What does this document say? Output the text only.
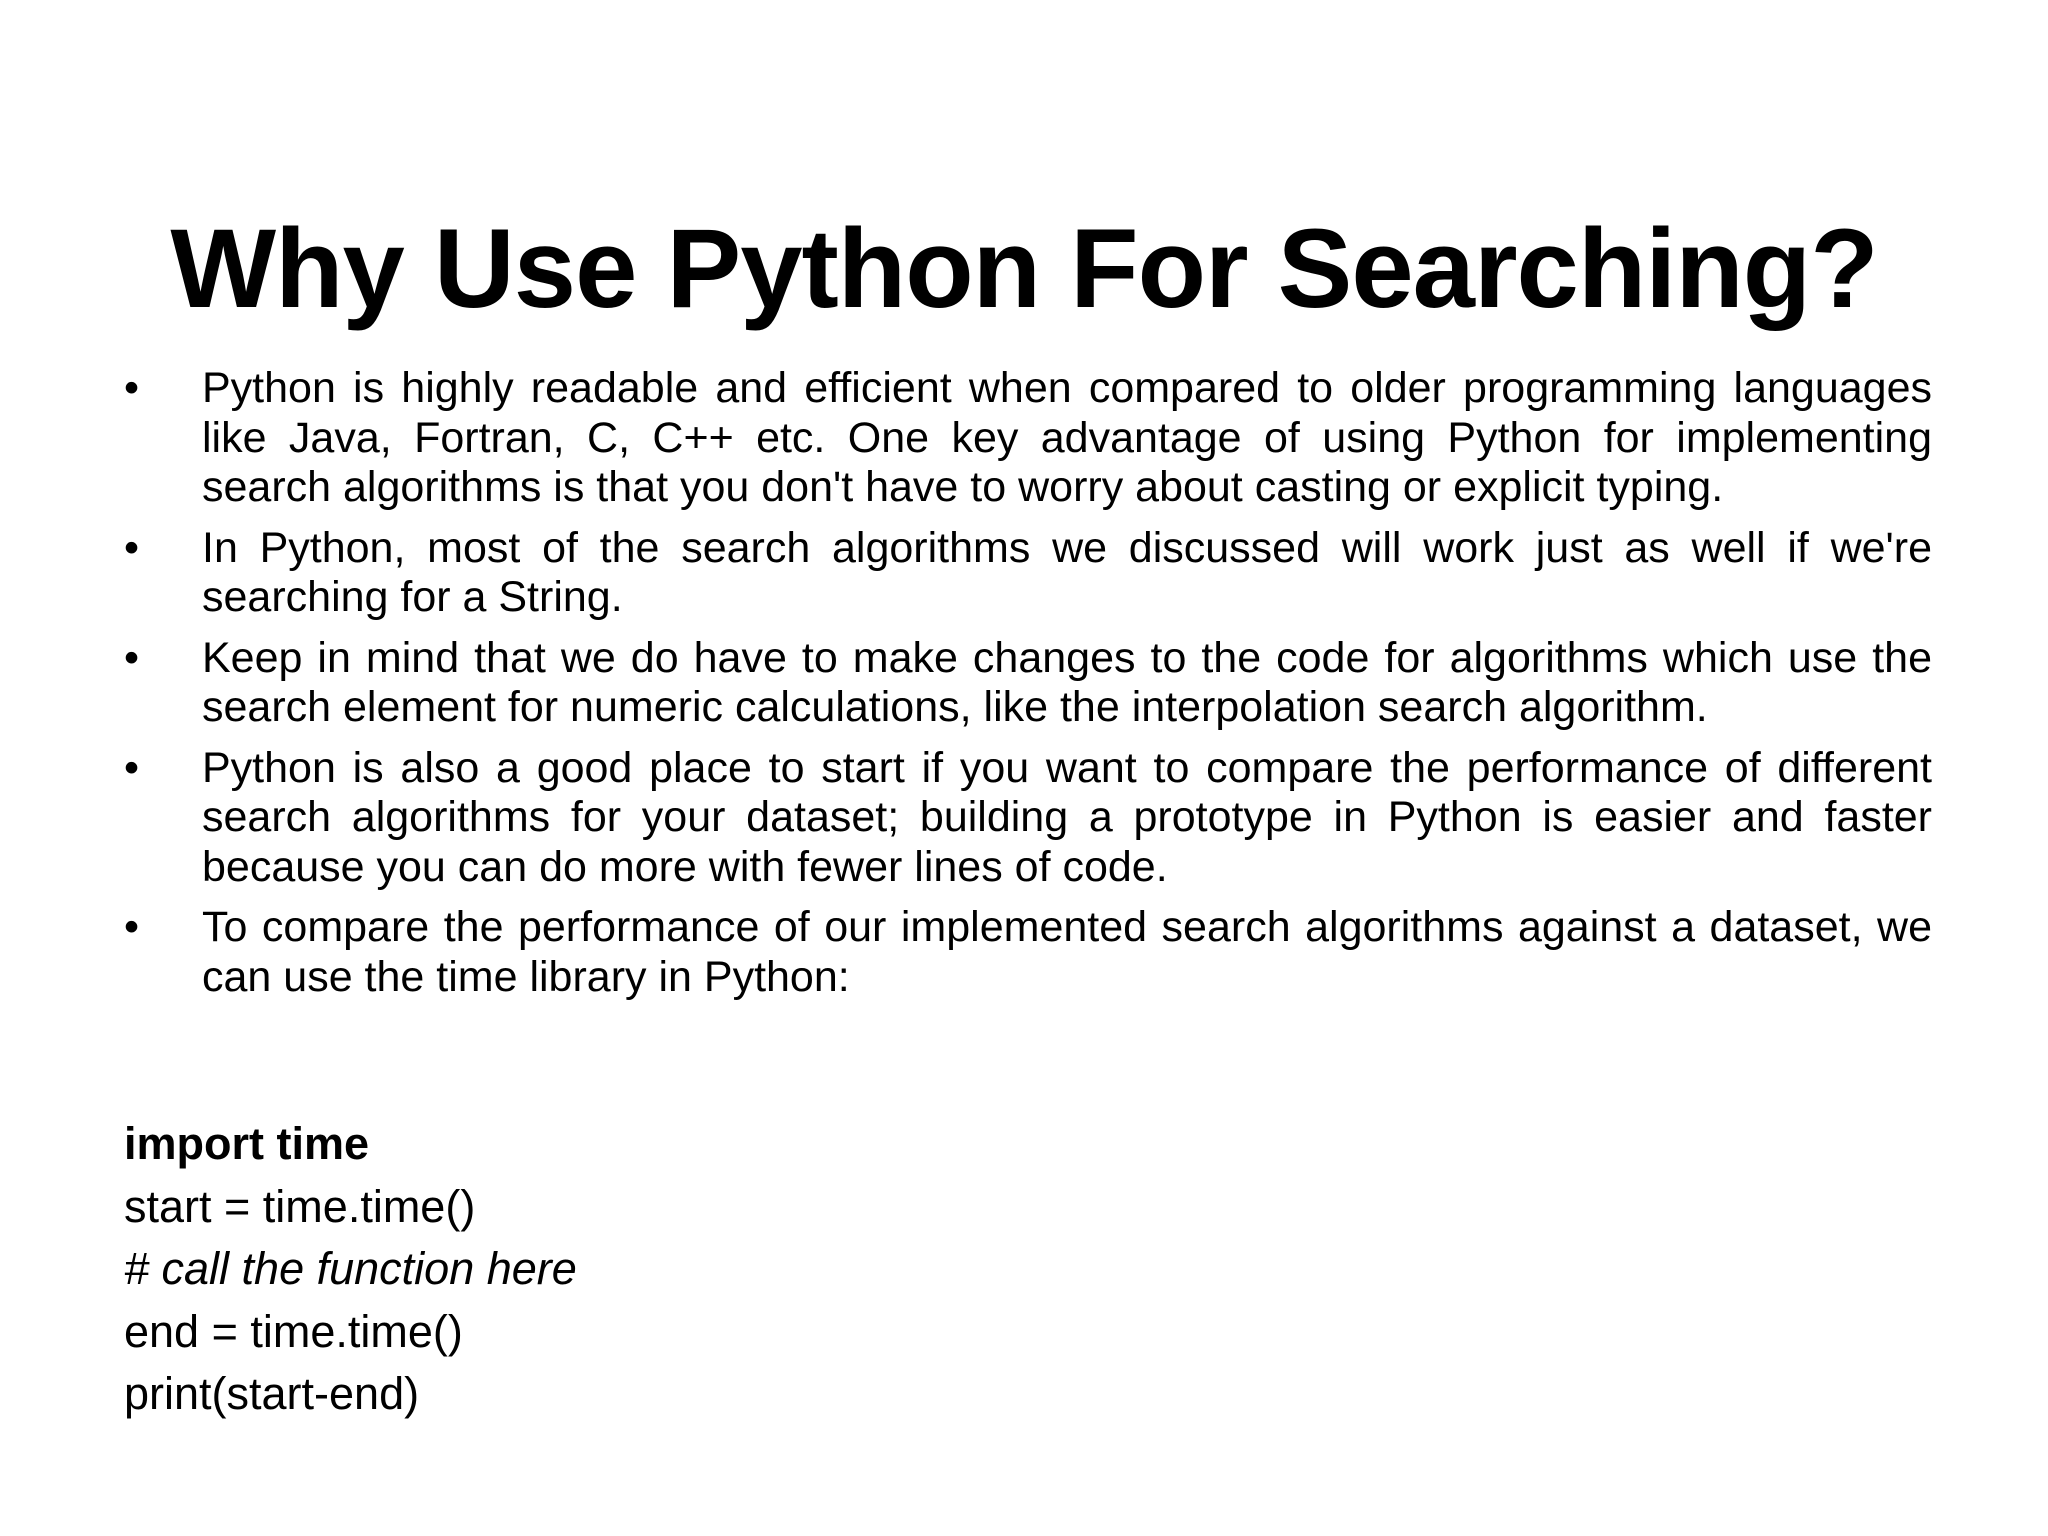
Why Use Python For Searching?
•	Python is highly readable and efficient when compared to older programming languages like Java, Fortran, C, C++ etc. One key advantage of using Python for implementing search algorithms is that you don't have to worry about casting or explicit typing.
•	In Python, most of the search algorithms we discussed will work just as well if we're searching for a String.
•	Keep in mind that we do have to make changes to the code for algorithms which use the search element for numeric calculations, like the interpolation search algorithm.
•	Python is also a good place to start if you want to compare the performance of different search algorithms for your dataset; building a prototype in Python is easier and faster because you can do more with fewer lines of code.
•	To compare the performance of our implemented search algorithms against a dataset, we can use the time library in Python:
import time
start = time.time()
# call the function here
end = time.time()
print(start-end)
